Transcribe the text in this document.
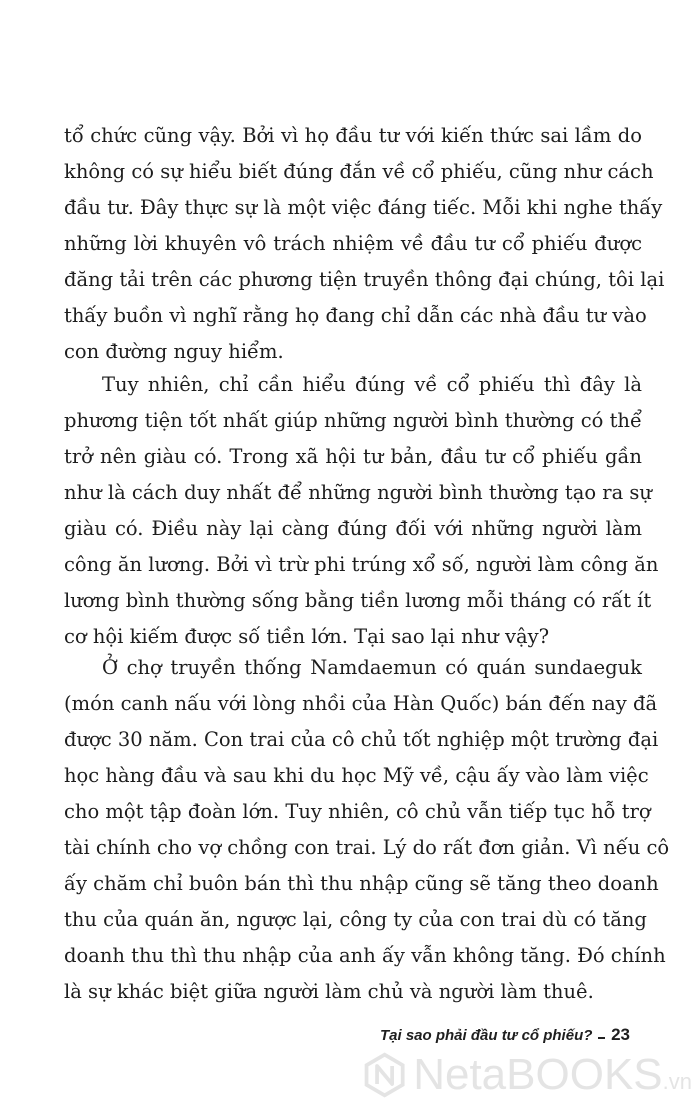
tổ chức cũng vậy. Bởi vì họ đầu tư với kiến thức sai lầm do
không có sự hiểu biết đúng đắn về cổ phiếu, cũng như cách
đầu tư. Đây thực sự là một việc đáng tiếc. Mỗi khi nghe thấy
những lời khuyên vô trách nhiệm về đầu tư cổ phiếu được
đăng tải trên các phương tiện truyền thông đại chúng, tôi lại
thấy buồn vì nghĩ rằng họ đang chỉ dẫn các nhà đầu tư vào
con đường nguy hiểm.
Tuy nhiên, chỉ cần hiểu đúng về cổ phiếu thì đây là
phương tiện tốt nhất giúp những người bình thường có thể
trở nên giàu có. Trong xã hội tư bản, đầu tư cổ phiếu gần
như là cách duy nhất để những người bình thường tạo ra sự
giàu có. Điều này lại càng đúng đối với những người làm
công ăn lương. Bởi vì trừ phi trúng xổ số, người làm công ăn
lương bình thường sống bằng tiền lương mỗi tháng có rất ít
cơ hội kiếm được số tiền lớn. Tại sao lại như vậy?
Ở chợ truyền thống Namdaemun có quán sundaeguk
(món canh nấu với lòng nhồi của Hàn Quốc) bán đến nay đã
được 30 năm. Con trai của cô chủ tốt nghiệp một trường đại
học hàng đầu và sau khi du học Mỹ về, cậu ấy vào làm việc
cho một tập đoàn lớn. Tuy nhiên, cô chủ vẫn tiếp tục hỗ trợ
tài chính cho vợ chồng con trai. Lý do rất đơn giản. Vì nếu cô
ấy chăm chỉ buôn bán thì thu nhập cũng sẽ tăng theo doanh
thu của quán ăn, ngược lại, công ty của con trai dù có tăng
doanh thu thì thu nhập của anh ấy vẫn không tăng. Đó chính
là sự khác biệt giữa người làm chủ và người làm thuê.
Tại sao phải đầu tư cổ phiếu? 23
NetaBOOKS.vn
